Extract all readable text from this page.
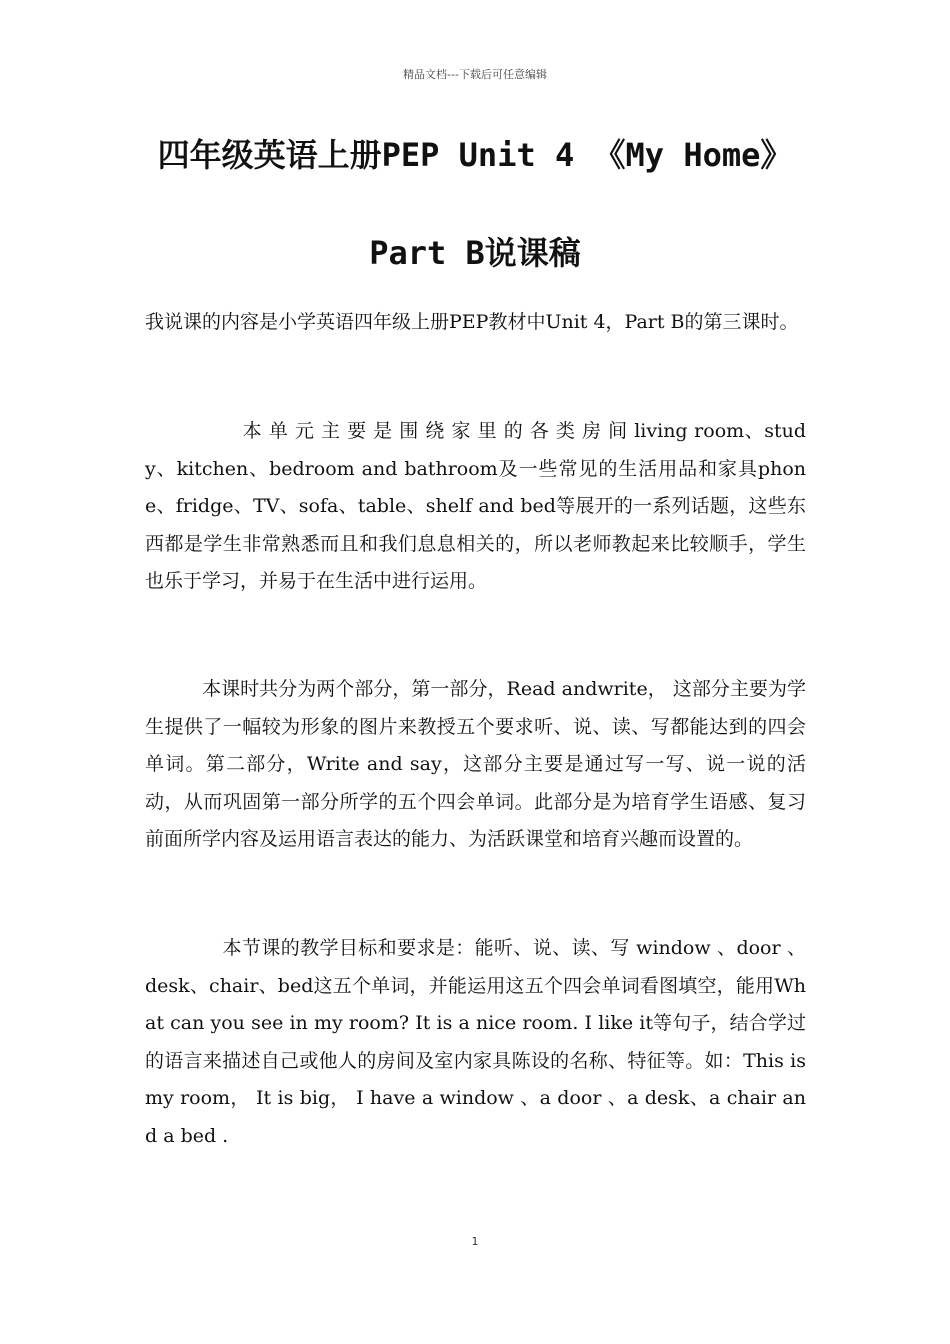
精品文档---下载后可任意编辑
四年级英语上册PEP Unit 4 《My Home》
Part B说课稿
我说课的内容是小学英语四年级上册PEP教材中Unit 4，Part B的第三课时。
　　　　　本 单 元 主 要 是 围 绕 家 里 的 各 类 房 间 living room、study、kitchen、bedroom and bathroom及一些常见的生活用品和家具phone、fridge、TV、sofa、table、shelf and bed等展开的一系列话题，这些东西都是学生非常熟悉而且和我们息息相关的，所以老师教起来比较顺手，学生也乐于学习，并易于在生活中进行运用。
　　　本课时共分为两个部分，第一部分，Read andwrite， 这部分主要为学生提供了一幅较为形象的图片来教授五个要求听、说、读、写都能达到的四会单词。第二部分，Write and say，这部分主要是通过写一写、说一说的活动，从而巩固第一部分所学的五个四会单词。此部分是为培育学生语感、复习前面所学内容及运用语言表达的能力、为活跃课堂和培育兴趣而设置的。
　　　　本节课的教学目标和要求是：能听、说、读、写 window 、door 、desk、chair、bed这五个单词，并能运用这五个四会单词看图填空，能用What can you see in my room? It is a nice room. I like it等句子，结合学过的语言来描述自己或他人的房间及室内家具陈设的名称、特征等。如：This is my room， It is big， I have a window 、a door 、a desk、a chair and a bed .
1
